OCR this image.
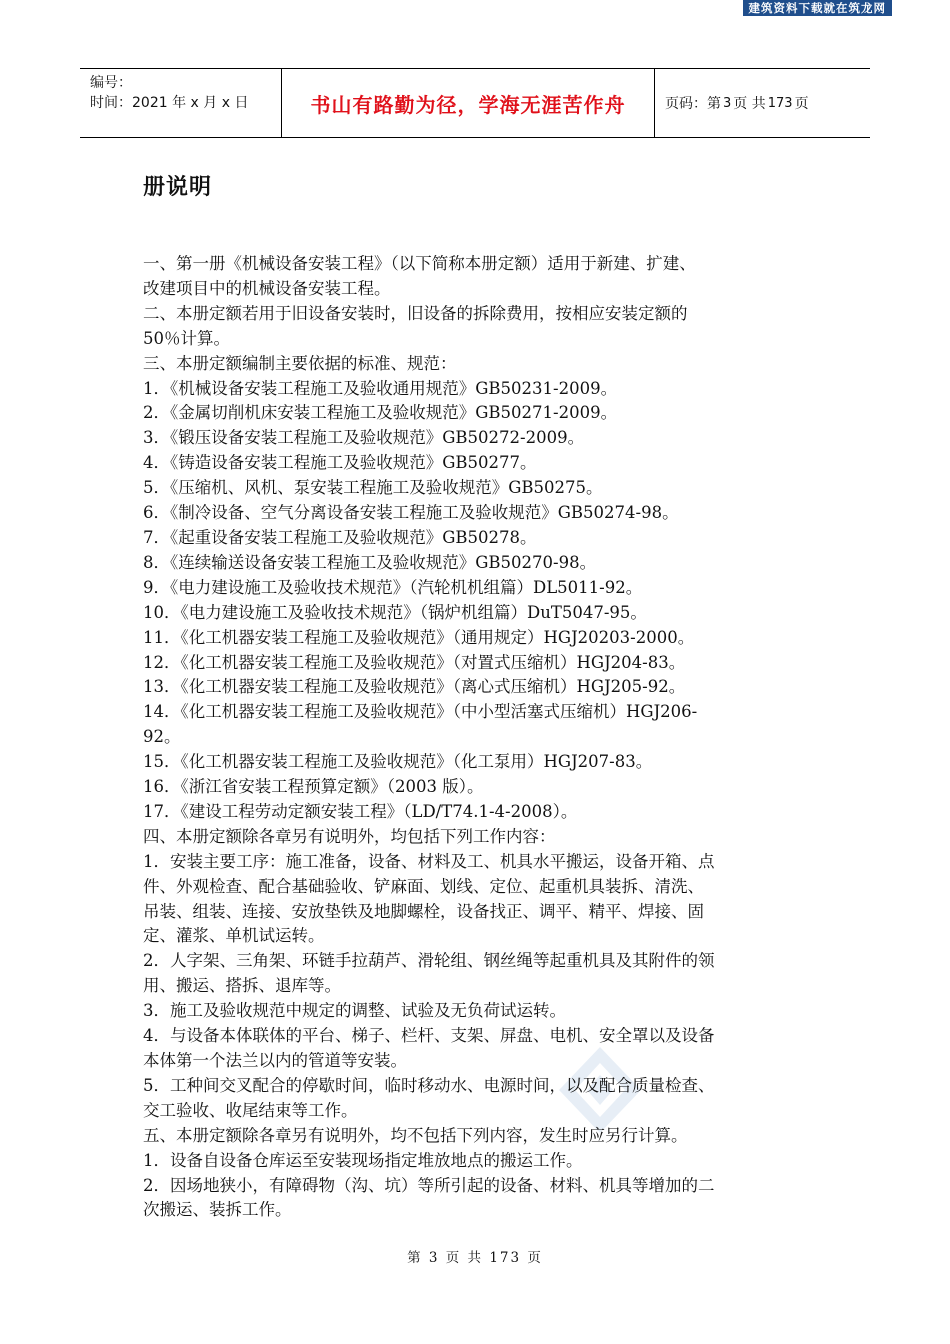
建筑资料下载就在筑龙网
编号：
时间：2021 年 x 月 x 日	书山有路勤为径，学海无涯苦作舟	页码：第 3 页 共 173 页
册说明

一、第一册《机械设备安装工程》（以下简称本册定额）适用于新建、扩建、

改建项目中的机械设备安装工程。

二、本册定额若用于旧设备安装时，旧设备的拆除费用，按相应安装定额的

50％计算。

三、本册定额编制主要依据的标准、规范：

1．《机械设备安装工程施工及验收通用规范》GB50231-2009。

2．《金属切削机床安装工程施工及验收规范》GB50271-2009。

3．《锻压设备安装工程施工及验收规范》GB50272-2009。

4．《铸造设备安装工程施工及验收规范》GB50277。

5．《压缩机、风机、泵安装工程施工及验收规范》GB50275。

6．《制冷设备、空气分离设备安装工程施工及验收规范》GB50274-98。

7．《起重设备安装工程施工及验收规范》GB50278。

8．《连续输送设备安装工程施工及验收规范》GB50270-98。

9．《电力建设施工及验收技术规范》（汽轮机机组篇）DL5011-92。

10．《电力建设施工及验收技术规范》（锅炉机组篇）DuT5047-95。

11．《化工机器安装工程施工及验收规范》（通用规定）HGJ20203-2000。

12．《化工机器安装工程施工及验收规范》（对置式压缩机）HGJ204-83。

13．《化工机器安装工程施工及验收规范》（离心式压缩机）HGJ205-92。

14．《化工机器安装工程施工及验收规范》（中小型活塞式压缩机）HGJ206-

92。

15．《化工机器安装工程施工及验收规范》（化工泵用）HGJ207-83。

16．《浙江省安装工程预算定额》（2003 版）。

17．《建设工程劳动定额安装工程》（LD/T74.1-4-2008）。

四、本册定额除各章另有说明外，均包括下列工作内容：

1．安装主要工序：施工准备，设备、材料及工、机具水平搬运，设备开箱、点

件、外观检查、配合基础验收、铲麻面、划线、定位、起重机具装拆、清洗、

吊装、组装、连接、安放垫铁及地脚螺栓，设备找正、调平、精平、焊接、固

定、灌浆、单机试运转。

2．人字架、三角架、环链手拉葫芦、滑轮组、钢丝绳等起重机具及其附件的领

用、搬运、搭拆、退库等。

3．施工及验收规范中规定的调整、试验及无负荷试运转。

4．与设备本体联体的平台、梯子、栏杆、支架、屏盘、电机、安全罩以及设备

本体第一个法兰以内的管道等安装。

5．工种间交叉配合的停歇时间，临时移动水、电源时间，以及配合质量检查、

交工验收、收尾结束等工作。

五、本册定额除各章另有说明外，均不包括下列内容，发生时应另行计算。

1．设备自设备仓库运至安装现场指定堆放地点的搬运工作。

2．因场地狭小，有障碍物（沟、坑）等所引起的设备、材料、机具等增加的二

次搬运、装拆工作。

第 3 页 共 173 页
